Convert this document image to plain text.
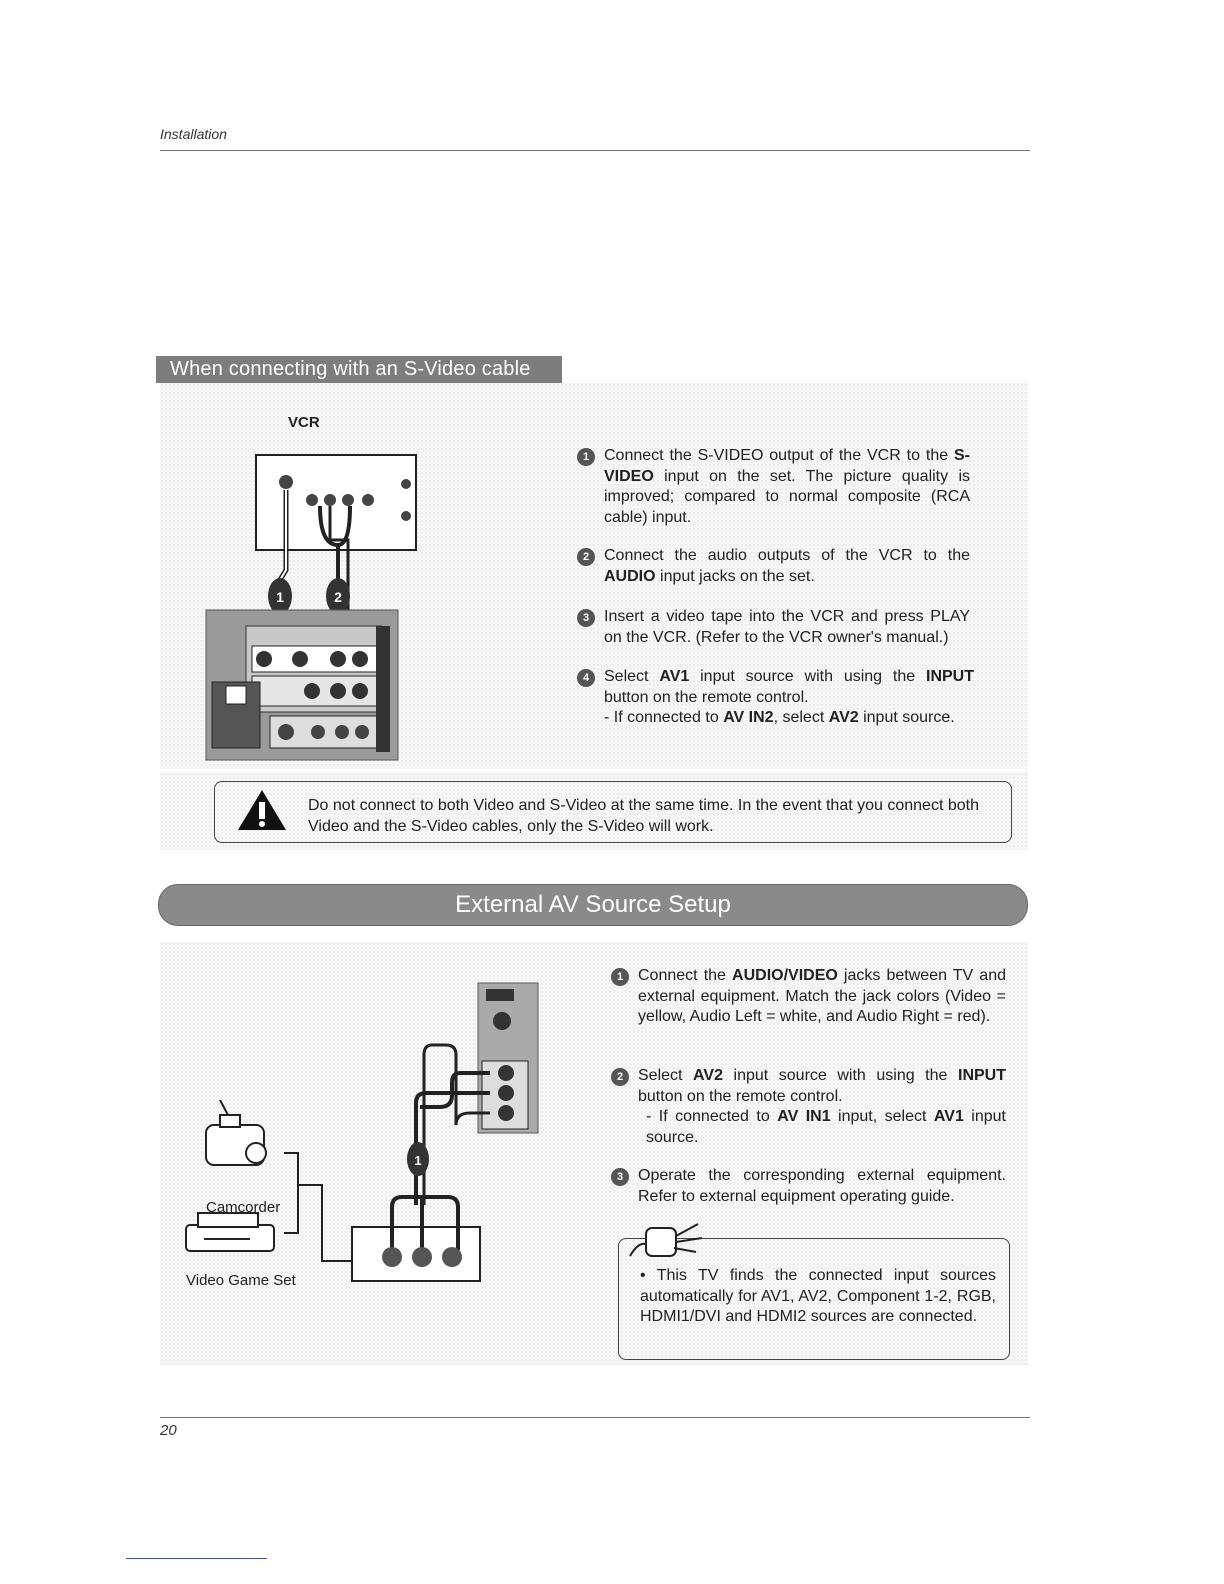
Installation
When connecting with an S-Video cable
VCR
1	2
1 Connect the S-VIDEO output of the VCR to the S-VIDEO input on the set. The picture quality is improved; compared to normal composite (RCA cable) input.
2 Connect the audio outputs of the VCR to the AUDIO input jacks on the set.
3 Insert a video tape into the VCR and press PLAY on the VCR. (Refer to the VCR owner's manual.)
4 Select AV1 input source with using the INPUT button on the remote control.
- If connected to AV IN2, select AV2 input source.
Do not connect to both Video and S-Video at the same time. In the event that you connect both Video and the S-Video cables, only the S-Video will work.
External AV Source Setup
1
Camcorder
Video Game Set
1 Connect the AUDIO/VIDEO jacks between TV and external equipment. Match the jack colors (Video = yellow, Audio Left = white, and Audio Right = red).
2 Select AV2 input source with using the INPUT button on the remote control.
- If connected to AV IN1 input, select AV1 input source.
3 Operate the corresponding external equipment. Refer to external equipment operating guide.
• This TV finds the connected input sources automatically for AV1, AV2, Component 1-2, RGB, HDMI1/DVI and HDMI2 sources are connected.
20
